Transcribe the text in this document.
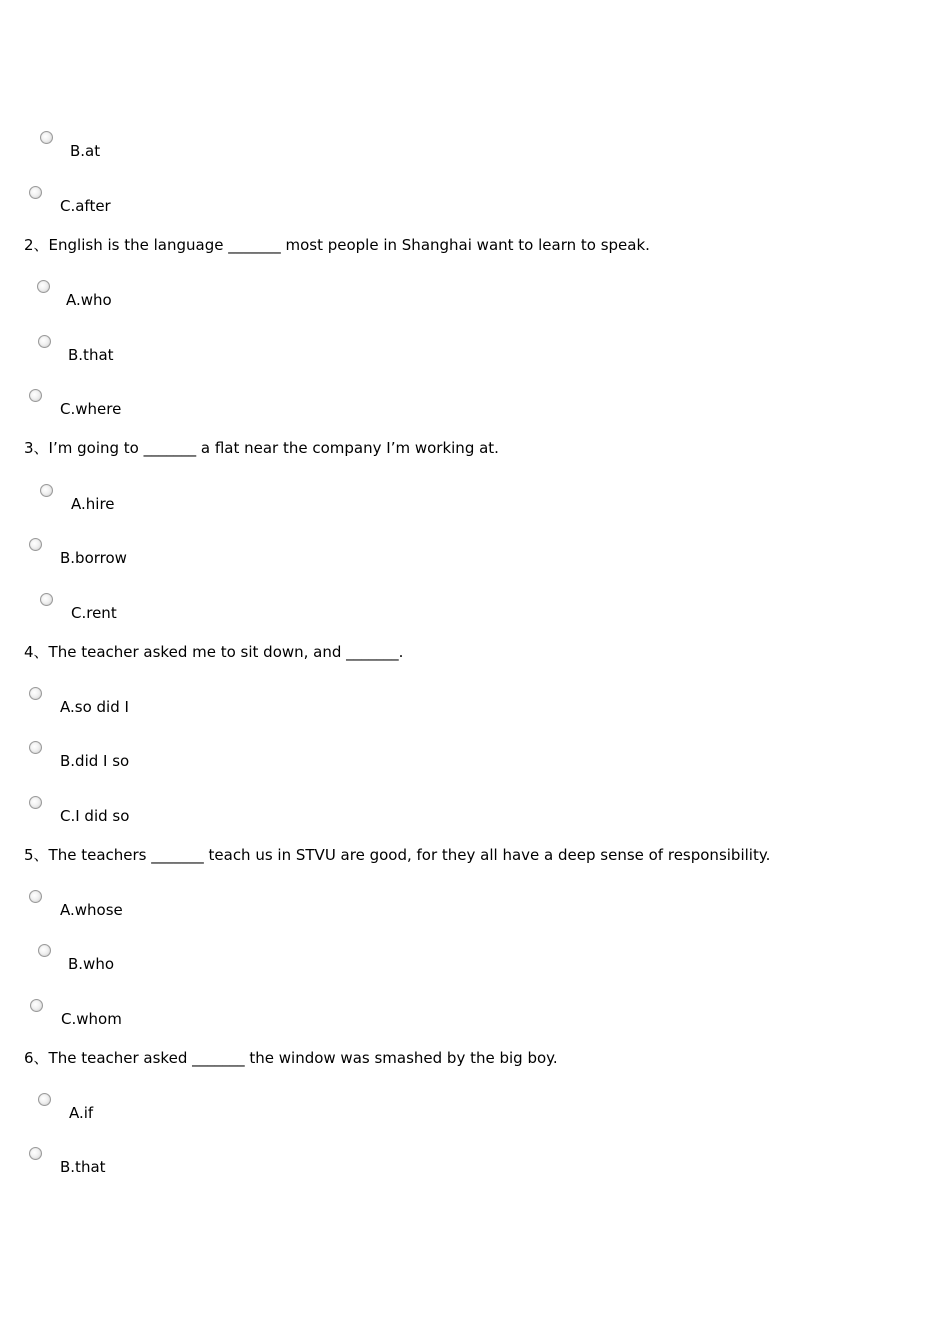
B.at
C.after
2、English is the language _______ most people in Shanghai want to learn to speak.
A.who
B.that
C.where
3、I’m going to _______ a flat near the company I’m working at.
A.hire
B.borrow
C.rent
4、The teacher asked me to sit down, and _______.
A.so did I
B.did I so
C.I did so
5、The teachers _______ teach us in STVU are good, for they all have a deep sense of responsibility.
A.whose
B.who
C.whom
6、The teacher asked _______ the window was smashed by the big boy.
A.if
B.that
